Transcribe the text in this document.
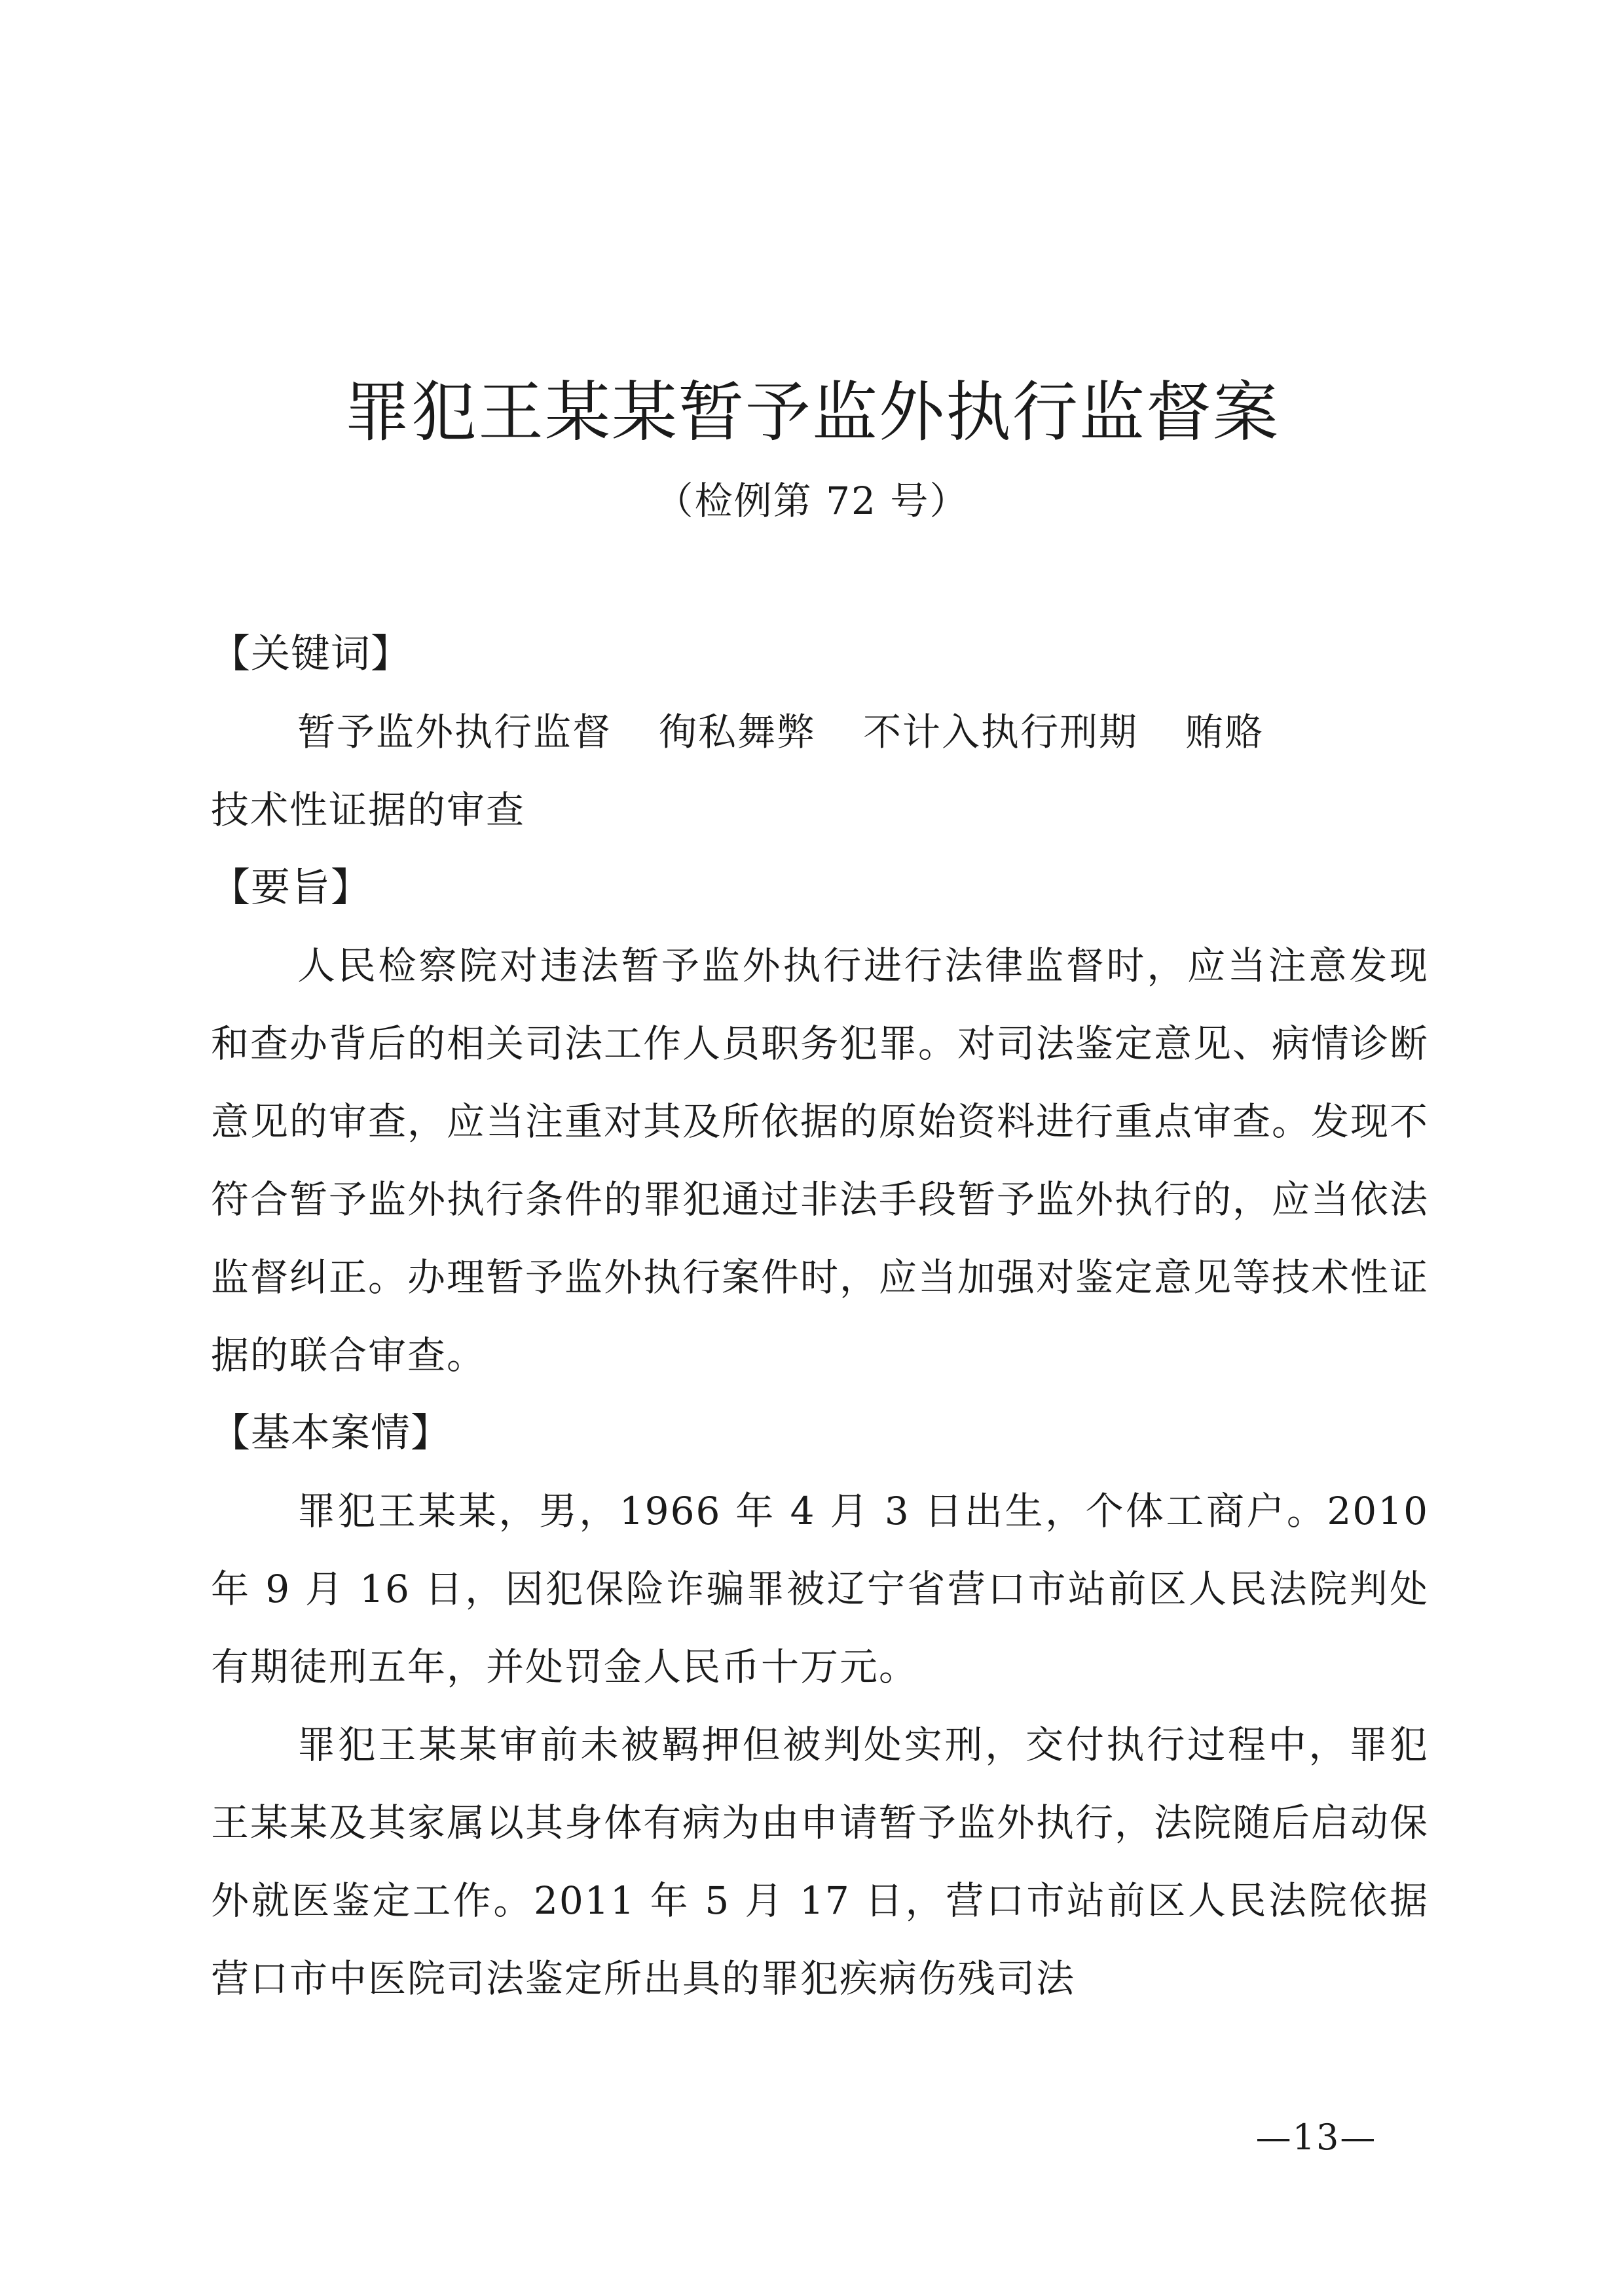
罪犯王某某暂予监外执行监督案
（检例第 72 号）

【关键词】

暂予监外执行监督 徇私舞弊 不计入执行刑期 贿赂

技术性证据的审查

【要旨】

人民检察院对违法暂予监外执行进行法律监督时，应当注意发现和查办背后的相关司法工作人员职务犯罪。对司法鉴定意见、病情诊断意见的审查，应当注重对其及所依据的原始资料进行重点审查。发现不符合暂予监外执行条件的罪犯通过非法手段暂予监外执行的，应当依法监督纠正。办理暂予监外执行案件时，应当加强对鉴定意见等技术性证据的联合审查。

【基本案情】

罪犯王某某，男，1966 年 4 月 3 日出生，个体工商户。2010 年 9 月 16 日，因犯保险诈骗罪被辽宁省营口市站前区人民法院判处有期徒刑五年，并处罚金人民币十万元。

罪犯王某某审前未被羁押但被判处实刑，交付执行过程中，罪犯王某某及其家属以其身体有病为由申请暂予监外执行，法院随后启动保外就医鉴定工作。2011 年 5 月 17 日，营口市站前区人民法院依据营口市中医院司法鉴定所出具的罪犯疾病伤残司法

—13—
